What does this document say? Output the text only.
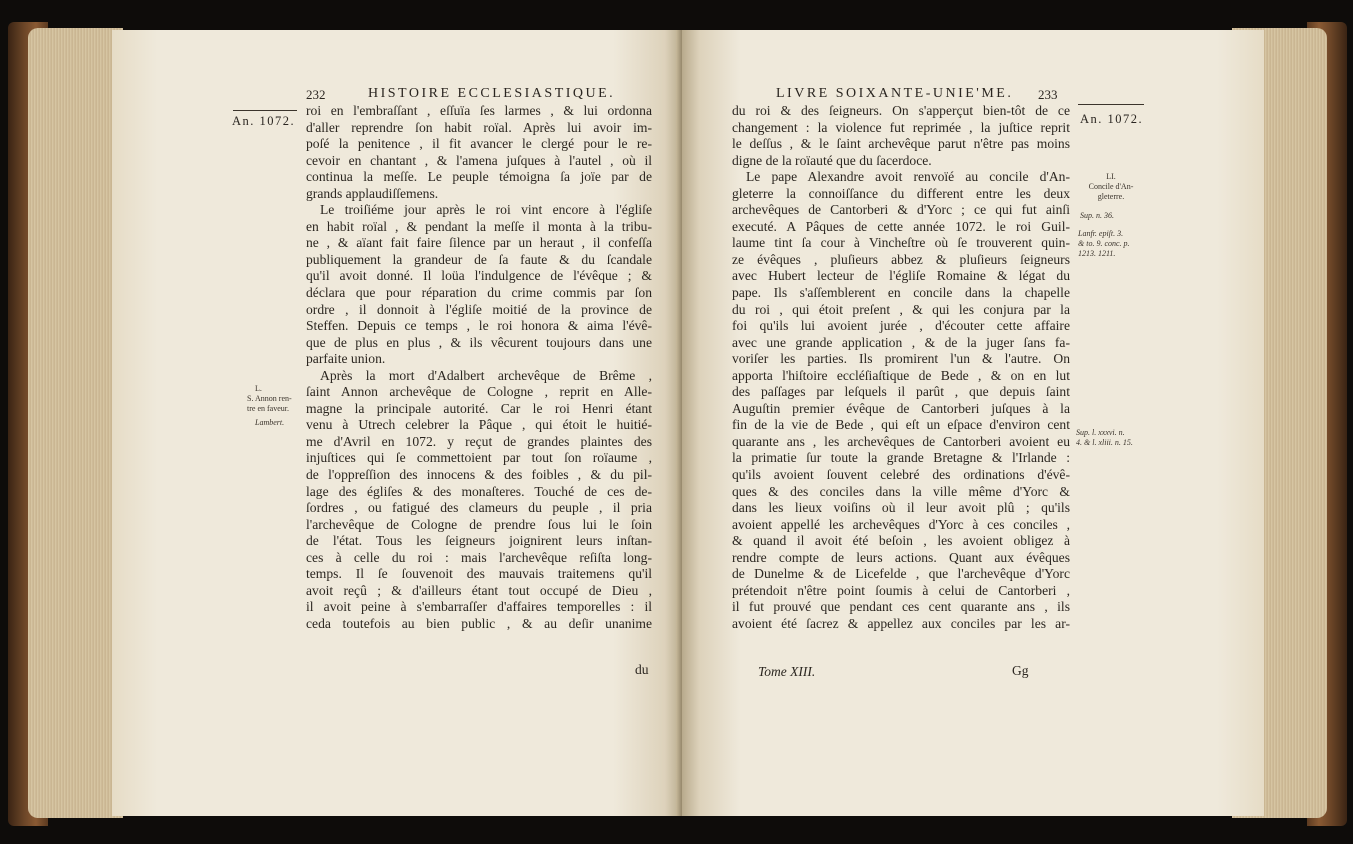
An. 1072.
232	HISTOIRE ECCLESIASTIQUE.
roi en l'embraſſant , eſſuïa ſes larmes , & lui ordonna
d'aller reprendre ſon habit roïal. Après lui avoir im-
poſé la penitence , il fit avancer le clergé pour le re-
cevoir en chantant , & l'amena juſques à l'autel , où il
continua la meſſe. Le peuple témoigna ſa joïe par de
grands applaudiſſemens.
Le troiſiéme jour après le roi vint encore à l'égliſe
en habit roïal , & pendant la meſſe il monta à la tribu-
ne , & aïant fait faire ſilence par un heraut , il confeſſa
publiquement la grandeur de ſa faute & du ſcandale
qu'il avoit donné. Il loüa l'indulgence de l'évêque ; &
déclara que pour réparation du crime commis par ſon
ordre , il donnoit à l'égliſe moitié de la province de
Steffen. Depuis ce temps , le roi honora & aima l'évê-
que de plus en plus , & ils vêcurent toujours dans une
parfaite union.
Après la mort d'Adalbert archevêque de Brême ,
ſaint Annon archevêque de Cologne , reprit en Alle-
magne la principale autorité. Car le roi Henri étant
venu à Utrech celebrer la Pâque , qui étoit le huitié-
me d'Avril en 1072. y reçut de grandes plaintes des
injuſtices qui ſe commettoient par tout ſon roïaume ,
de l'oppreſſion des innocens & des foibles , & du pil-
lage des égliſes & des monaſteres. Touché de ces de-
ſordres , ou fatigué des clameurs du peuple , il pria
l'archevêque de Cologne de prendre ſous lui le ſoin
de l'état. Tous les ſeigneurs joignirent leurs inſtan-
ces à celle du roi : mais l'archevêque reſiſta long-
temps. Il ſe ſouvenoit des mauvais traitemens qu'il
avoit reçû ; & d'ailleurs étant tout occupé de Dieu ,
il avoit peine à s'embarraſſer d'affaires temporelles : il
ceda toutefois au bien public , & au deſir unanime
L.
S. Annon ren-
tre en faveur.
Lambert.
du
LIVRE SOIXANTE-UNIE'ME. 233
An. 1072.
du roi & des ſeigneurs. On s'apperçut bien-tôt de ce
changement : la violence fut reprimée , la juſtice reprit
le deſſus , & le ſaint archevêque parut n'être pas moins
digne de la roïauté que du ſacerdoce.
Le pape Alexandre avoit renvoïé au concile d'An-
gleterre la connoiſſance du different entre les deux
archevêques de Cantorberi & d'Yorc ; ce qui fut ainſi
executé. A Pâques de cette année 1072. le roi Guil-
laume tint ſa cour à Vincheſtre où ſe trouverent quin-
ze évêques , pluſieurs abbez & pluſieurs ſeigneurs
avec Hubert lecteur de l'égliſe Romaine & légat du
pape. Ils s'aſſemblerent en concile dans la chapelle
du roi , qui étoit preſent , & qui les conjura par la
foi qu'ils lui avoient jurée , d'écouter cette affaire
avec une grande application , & de la juger ſans fa-
voriſer les parties. Ils promirent l'un & l'autre. On
apporta l'hiſtoire eccléſiaſtique de Bede , & on en lut
des paſſages par leſquels il parût , que depuis ſaint
Auguſtin premier évêque de Cantorberi juſques à la
fin de la vie de Bede , qui eſt un eſpace d'environ cent
quarante ans , les archevêques de Cantorberi avoient eu
la primatie ſur toute la grande Bretagne & l'Irlande :
qu'ils avoient ſouvent celebré des ordinations d'évê-
ques & des conciles dans la ville même d'Yorc &
dans les lieux voiſins où il leur avoit plû ; qu'ils
avoient appellé les archevêques d'Yorc à ces conciles ,
& quand il avoit été beſoin , les avoient obligez à
rendre compte de leurs actions. Quant aux évêques
de Dunelme & de Licefelde , que l'archevêque d'Yorc
prétendoit n'être point ſoumis à celui de Cantorberi ,
il fut prouvé que pendant ces cent quarante ans , ils
avoient été ſacrez & appellez aux conciles par les ar-
LI.
Concile d'An-
gleterre.
Sup. n. 36.
Lanfr. epiſt. 3.
& to. 9. conc. p.
1213. 1211.
Sup. l. xxxvi. n.
4. & l. xliii. n. 15.
Tome XIII.	Gg
